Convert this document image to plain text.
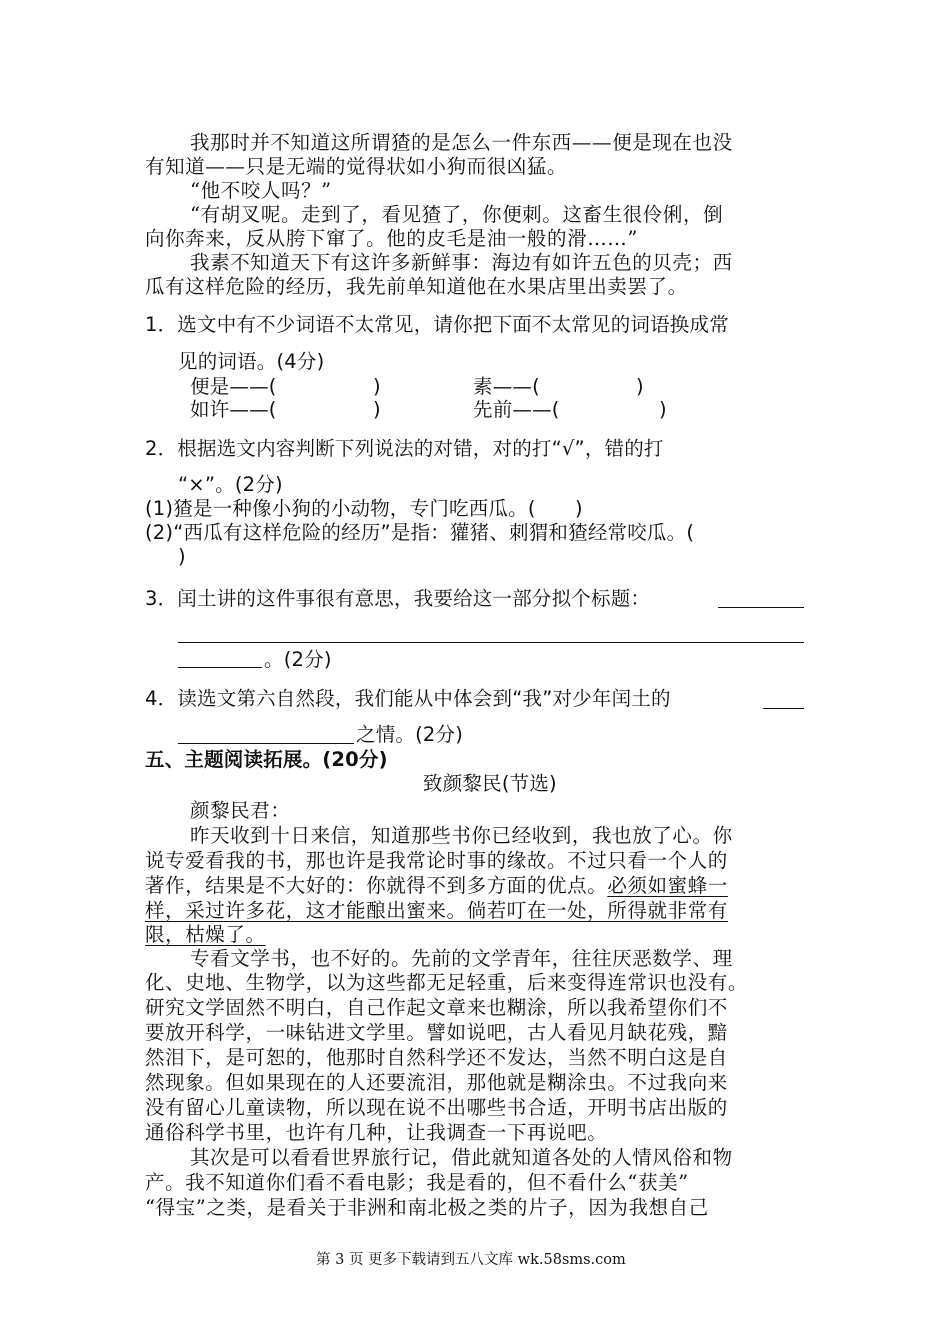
我那时并不知道这所谓猹的是怎么一件东西——便是现在也没
有知道——只是无端的觉得状如小狗而很凶猛。
“他不咬人吗？”
“有胡叉呢。走到了，看见猹了，你便刺。这畜生很伶俐，倒
向你奔来，反从胯下窜了。他的皮毛是油一般的滑……”
我素不知道天下有这许多新鲜事：海边有如许五色的贝壳；西
瓜有这样危险的经历，我先前单知道他在水果店里出卖罢了。
1．选文中有不少词语不太常见，请你把下面不太常见的词语换成常
见的词语。(4分)
便是——(	)	素——(	)
如许——(	)	先前——(	)
2．根据选文内容判断下列说法的对错，对的打“√”，错的打
“×”。(2分)
(1)猹是一种像小狗的小动物，专门吃西瓜。(　　)
(2)“西瓜有这样危险的经历”是指：獾猪、刺猬和猹经常咬瓜。(
)
3．闰土讲的这件事很有意思，我要给这一部分拟个标题：
。(2分)
4．读选文第六自然段，我们能从中体会到“我”对少年闰土的
之情。(2分)
五、主题阅读拓展。(20分)
致颜黎民(节选)
颜黎民君：
昨天收到十日来信，知道那些书你已经收到，我也放了心。你
说专爱看我的书，那也许是我常论时事的缘故。不过只看一个人的
著作，结果是不大好的：你就得不到多方面的优点。必须如蜜蜂一
样，采过许多花，这才能酿出蜜来。倘若叮在一处，所得就非常有
限，枯燥了。
专看文学书，也不好的。先前的文学青年，往往厌恶数学、理
化、史地、生物学，以为这些都无足轻重，后来变得连常识也没有。
研究文学固然不明白，自己作起文章来也糊涂，所以我希望你们不
要放开科学，一味钻进文学里。譬如说吧，古人看见月缺花残，黯
然泪下，是可恕的，他那时自然科学还不发达，当然不明白这是自
然现象。但如果现在的人还要流泪，那他就是糊涂虫。不过我向来
没有留心儿童读物，所以现在说不出哪些书合适，开明书店出版的
通俗科学书里，也许有几种，让我调查一下再说吧。
其次是可以看看世界旅行记，借此就知道各处的人情风俗和物
产。我不知道你们看不看电影；我是看的，但不看什么“获美”
“得宝”之类，是看关于非洲和南北极之类的片子，因为我想自己
第 3 页 更多下载请到五八文库 wk.58sms.com
